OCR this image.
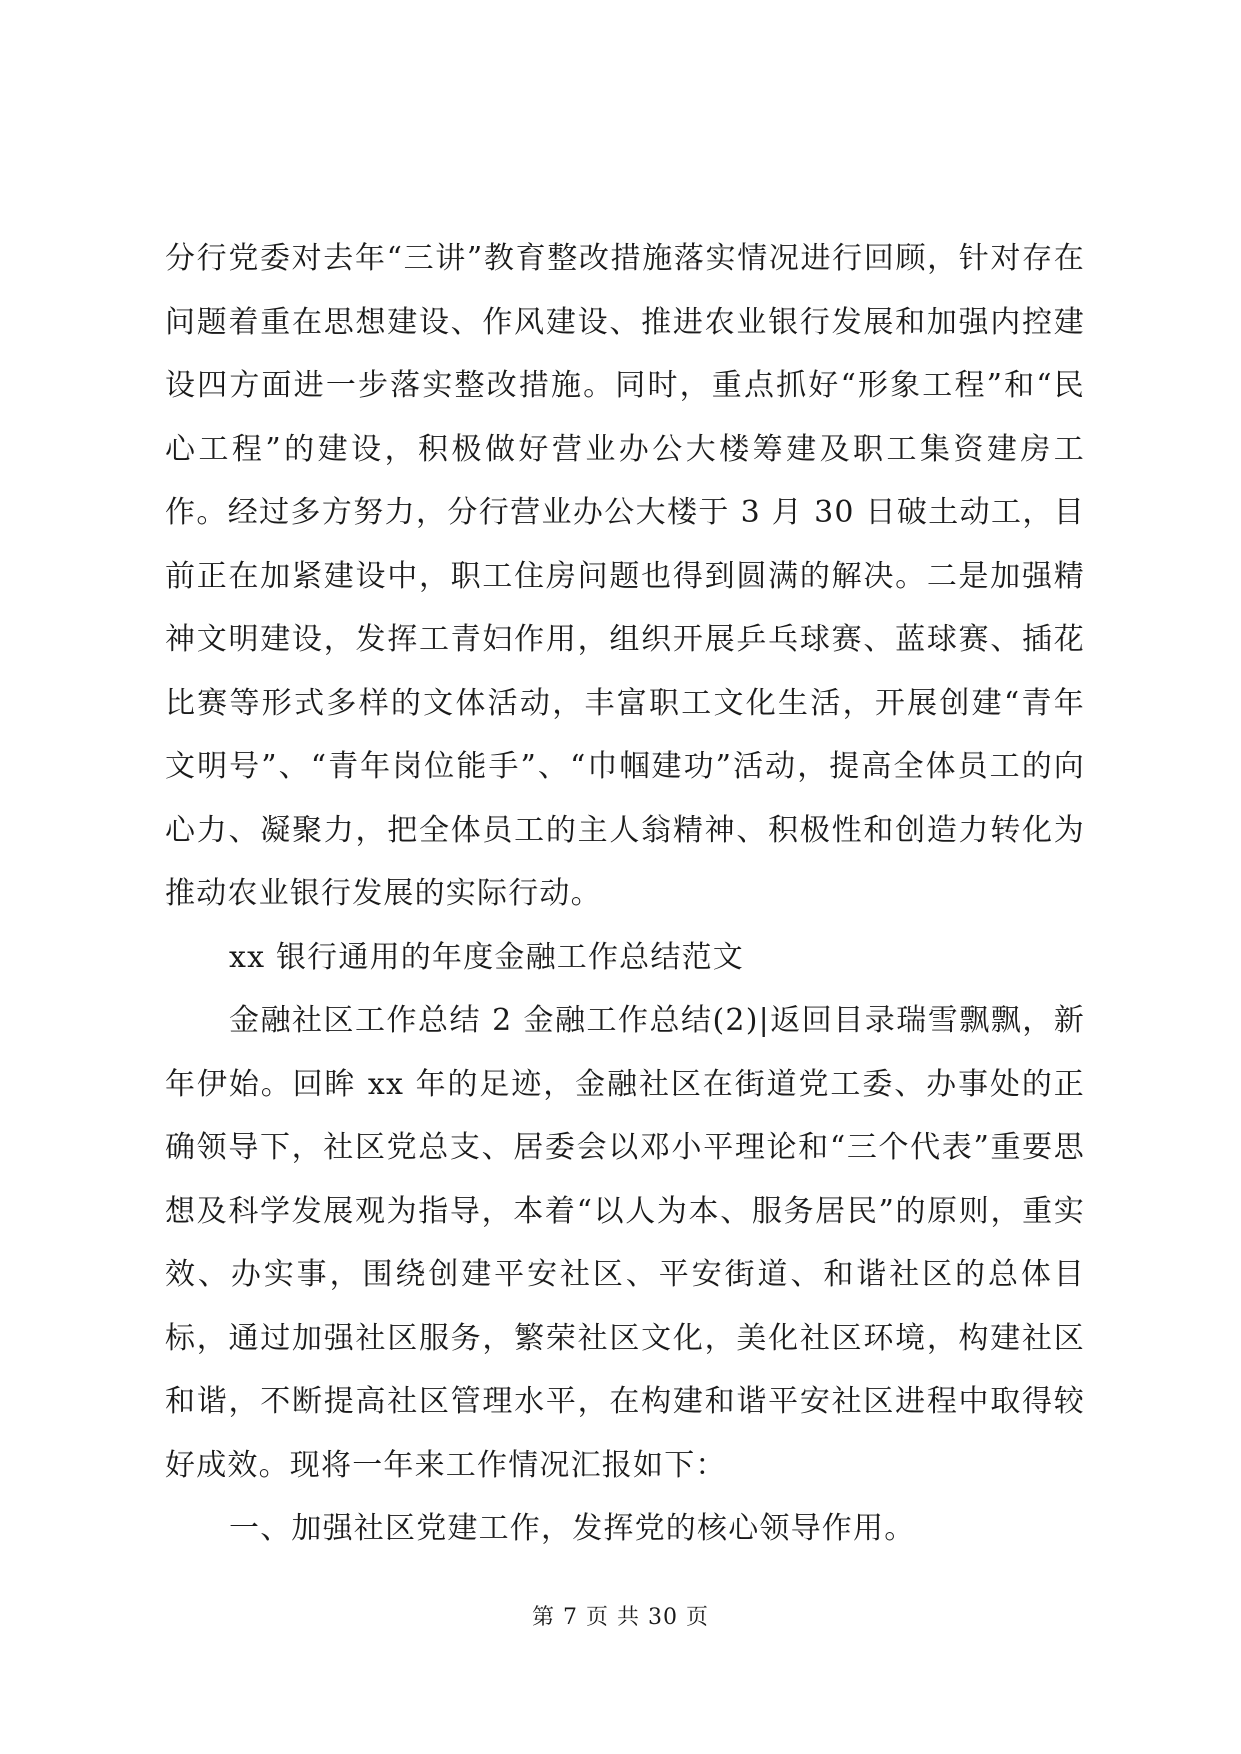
分行党委对去年“三讲”教育整改措施落实情况进行回顾，针对存在问题着重在思想建设、作风建设、推进农业银行发展和加强内控建设四方面进一步落实整改措施。同时，重点抓好“形象工程”和“民心工程”的建设，积极做好营业办公大楼筹建及职工集资建房工作。经过多方努力，分行营业办公大楼于 3 月 30 日破土动工，目前正在加紧建设中，职工住房问题也得到圆满的解决。二是加强精神文明建设，发挥工青妇作用，组织开展乒乓球赛、蓝球赛、插花比赛等形式多样的文体活动，丰富职工文化生活，开展创建“青年文明号”、“青年岗位能手”、“巾帼建功”活动，提高全体员工的向心力、凝聚力，把全体员工的主人翁精神、积极性和创造力转化为推动农业银行发展的实际行动。

xx 银行通用的年度金融工作总结范文

金融社区工作总结 2 金融工作总结(2)|返回目录瑞雪飘飘，新年伊始。回眸 xx 年的足迹，金融社区在街道党工委、办事处的正确领导下，社区党总支、居委会以邓小平理论和“三个代表”重要思想及科学发展观为指导，本着“以人为本、服务居民”的原则，重实效、办实事，围绕创建平安社区、平安街道、和谐社区的总体目标，通过加强社区服务，繁荣社区文化，美化社区环境，构建社区和谐，不断提高社区管理水平，在构建和谐平安社区进程中取得较好成效。现将一年来工作情况汇报如下：

一、加强社区党建工作，发挥党的核心领导作用。

第 7 页 共 30 页
